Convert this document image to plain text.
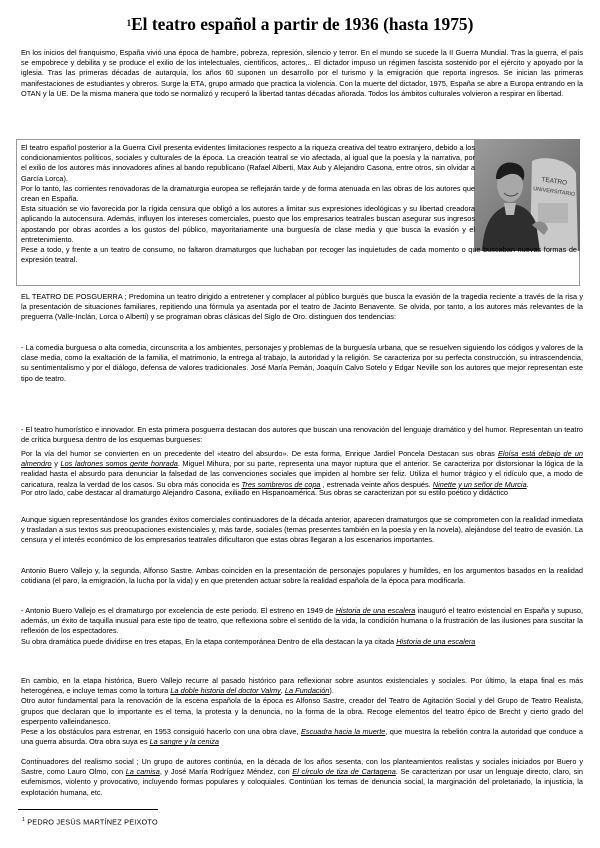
$^1$El teatro español a partir de 1936 (hasta 1975)

En los inicios del franquismo, España vivió una época de hambre, pobreza, represión, silencio y terror. En el mundo se sucede la II Guerra Mundial. Tras la guerra, el país se empobrece y debilita y se produce el exilio de los intelectuales, científicos, actores,.. El dictador impuso un régimen fascista sostenido por el ejército y apoyado por la iglesia. Tras las primeras décadas de autarquía, los años 60 suponen un desarrollo por el turismo y la emigración que reporta ingresos. Se inician las primeras manifestaciones de estudiantes y obreros. Surge la ETA, grupo armado que practica la violencia. Con la muerte del dictador, 1975, España se abre a Europa entrando en la OTAN y la UE. De la misma manera que todo se normalizó y recuperó la libertad tantas décadas añorada. Todos los ámbitos culturales volvieron a respirar en libertad.

TEATRO
UNIVERSITARIO

El teatro español posterior a la Guerra Civil presenta evidentes limitaciones respecto a la riqueza creativa del teatro extranjero, debido a los condicionamientos políticos, sociales y culturales de la época. La creación teatral se vio afectada, al igual que la poesía y la narrativa, por el exilio de los autores más innovadores afines al bando republicano (Rafael Alberti, Max Aub y Alejandro Casona, entre otros, sin olvidar a García Lorca).

Por lo tanto, las corrientes renovadoras de la dramaturgia europea se reflejarán tarde y de forma atenuada en las obras de los autores que crean en España.

Esta situación se vio favorecida por la rígida censura que obligó a los autores a limitar sus expresiones ideológicas y su libertad creadora aplicando la autocensura. Además, influyen los intereses comerciales, puesto que los empresarios teatrales buscan asegurar sus ingresos apostando por obras acordes a los gustos del público, mayoritariamente una burguesía de clase media y que busca la evasión y el entretenimiento.

Pese a todo, y frente a un teatro de consumo, no faltaron dramaturgos que luchaban por recoger las inquietudes de cada momento o que buscaban nuevas formas de expresión teatral.

EL TEATRO DE POSGUERRA ; Predomina un teatro dirigido a entretener y complacer al público burgués que busca la evasión de la tragedia reciente a través de la risa y la presentación de situaciones familiares, repitiendo una fórmula ya asentada por el teatro de Jacinto Benavente. Se olvida, por tanto, a los autores más relevantes de la preguerra (Valle-Inclán, Lorca o Alberti) y se programan obras clásicas del Siglo de Oro. distinguen dos tendencias:

- La comedia burguesa o alta comedia, circunscrita a los ambientes, personajes y problemas de la burguesía urbana, que se resuelven siguiendo los códigos y valores de la clase media, como la exaltación de la familia, el matrimonio, la entrega al trabajo, la autoridad y la religión. Se caracteriza por su perfecta construcción, su intrascendencia, su sentimentalismo y por el diálogo, defensa de valores tradicionales. José María Pemán, Joaquín Calvo Sotelo y Edgar Neville son los autores que mejor representan este tipo de teatro.

- El teatro humorístico e innovador. En esta primera posguerra destacan dos autores que buscan una renovación del lenguaje dramático y del humor. Representan un teatro de crítica burguesa dentro de los esquemas burgueses:

Por la vía del humor se convierten en un precedente del «teatro del absurdo». De esta forma, Enrique Jardiel Poncela Destacan sus obras Eloísa está debajo de un almendro y Los ladrones somos gente honrada. Miguel Mihura, por su parte, representa una mayor ruptura que el anterior. Se caracteriza por distorsionar la lógica de la realidad hasta el absurdo para denunciar la falsedad de las convenciones sociales que impiden al hombre ser feliz. Utiliza el humor trágico y el ridículo que, a modo de caricatura, realza la verdad de los casos. Su obra más conocida es Tres sombreros de copa , estrenada veinte años después. Ninette y un señor de Murcia.

Por otro lado, cabe destacar al dramaturgo Alejandro Casona, exiliado en Hispanoamérica. Sus obras se caracterizan por su estilo poético y didáctico

Aunque siguen representándose los grandes éxitos comerciales continuadores de la década anterior, aparecen dramaturgos que se comprometen con la realidad inmediata y trasladan a sus textos sus preocupaciones existenciales y, más tarde, sociales (temas presentes también en la poesía y en la novela), alejándose del teatro de evasión. La censura y el interés económico de los empresarios teatrales dificultaron que estas obras llegaran a los escenarios importantes.

Antonio Buero Vallejo y, la segunda, Alfonso Sastre. Ambas coinciden en la presentación de personajes populares y humildes, en los argumentos basados en la realidad cotidiana (el paro, la emigración, la lucha por la vida) y en que pretenden actuar sobre la realidad española de la época para modificarla.

- Antonio Buero Vallejo es el dramaturgo por excelencia de este periodo. El estreno en 1949 de Historia de una escalera inauguró el teatro existencial en España y supuso, además, un éxito de taquilla inusual para este tipo de teatro, que reflexiona sobre el sentido de la vida, la condición humana o la frustración de las ilusiones para suscitar la reflexión de los espectadores.

Su obra dramática puede dividirse en tres etapas, En la etapa contemporánea Dentro de ella destacan la ya citada Historia de una escalera

En cambio, en la etapa histórica, Buero Vallejo recurre al pasado histórico para reflexionar sobre asuntos existenciales y sociales. Por último, la etapa final es más heterogénea, e incluye temas como la tortura La doble historia del doctor Valmy, La Fundación).

Otro autor fundamental para la renovación de la escena española de la época es Alfonso Sastre, creador del Teatro de Agitación Social y del Grupo de Teatro Realista, grupos que declaran que lo importante es el tema, la protesta y la denuncia, no la forma de la obra. Recoge elementos del teatro épico de Brecht y cierto grado del esperpento valleindanesco.

Pese a los obstáculos para estrenar, en 1953 consiguió hacerlo con una obra clave, Escuadra hacia la muerte, que muestra la rebelión contra la autoridad que conduce a una guerra absurda. Otra obra suya es La sangre y la ceniza

Continuadores del realismo social ; Un grupo de autores continúa, en la década de los años sesenta, con los planteamientos realistas y sociales iniciados por Buero y Sastre, como Lauro Olmo, con La camisa, y José María Rodríguez Méndez, con El círculo de tiza de Cartagena. Se caracterizan por usar un lenguaje directo, claro, sin eufemismos, violento y provocativo, incluyendo formas populares y coloquiales. Continúan los temas de denuncia social, la marginación del proletariado, la injusticia, la explotación humana, etc.

$^1$ PEDRO JESÚS MARTÍNEZ PEIXOTO
